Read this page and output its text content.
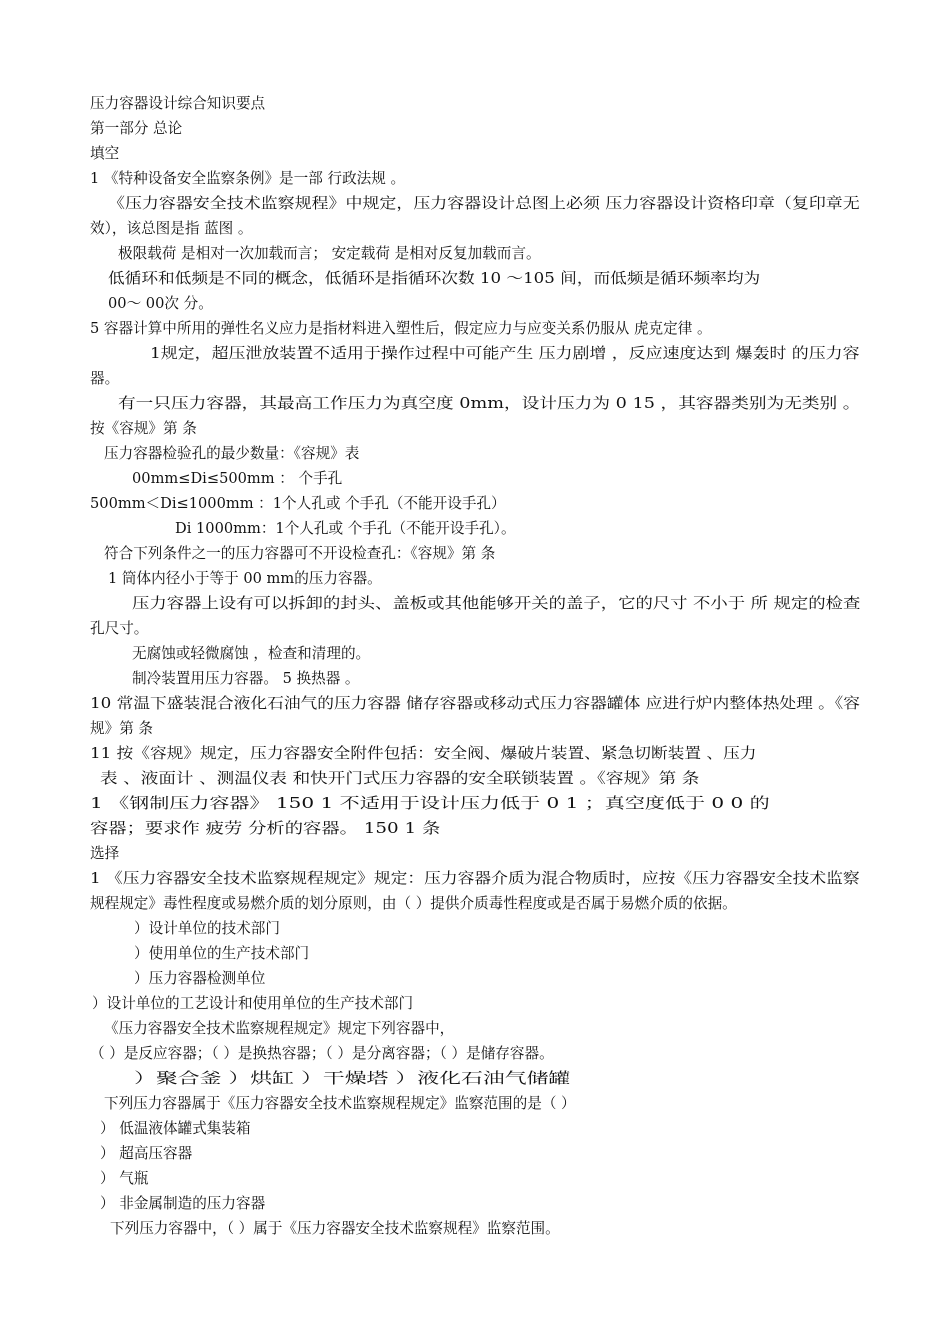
压力容器设计综合知识要点
第一部分 总论
填空
1 《特种设备安全监察条例》是一部 行政法规 。
《压力容器安全技术监察规程》中规定，压力容器设计总图上必须 压力容器设计资格印章（复印章无
效），该总图是指 蓝图 。
极限载荷 是相对一次加载而言； 安定载荷 是相对反复加载而言。
低循环和低频是不同的概念，低循环是指循环次数 10 ～105 间，而低频是循环频率均为
00～ 00次 分。
5 容器计算中所用的弹性名义应力是指材料进入塑性后，假定应力与应变关系仍服从 虎克定律 。
1规定，超压泄放装置不适用于操作过程中可能产生 压力剧增 ，反应速度达到 爆轰时 的压力容
器。
有一只压力容器，其最高工作压力为真空度 0mm，设计压力为 0 15 ，其容器类别为无类别 。
按《容规》第 条
压力容器检验孔的最少数量：《容规》表
00mm≤Di≤500mm ： 个手孔
500mm＜Di≤1000mm ：1个人孔或 个手孔（不能开设手孔）
Di 1000mm：1个人孔或 个手孔（不能开设手孔）。
符合下列条件之一的压力容器可不开设检查孔：《容规》第 条
1 筒体内径小于等于 00 mm的压力容器。
压力容器上设有可以拆卸的封头、盖板或其他能够开关的盖子，它的尺寸 不小于 所 规定的检查
孔尺寸。
无腐蚀或轻微腐蚀 ，检查和清理的。
制冷装置用压力容器。 5 换热器 。
10 常温下盛装混合液化石油气的压力容器 储存容器或移动式压力容器罐体 应进行炉内整体热处理 。《容
规》第 条
11 按《容规》规定，压力容器安全附件包括：安全阀、爆破片装置、紧急切断装置 、压力
表 、液面计 、测温仪表 和快开门式压力容器的安全联锁装置 。《容规》第 条
1 《钢制压力容器》 150 1 不适用于设计压力低于 0 1 ；真空度低于 0 0 的
容器；要求作 疲劳 分析的容器。 150 1 条
选择
1 《压力容器安全技术监察规程规定》规定：压力容器介质为混合物质时，应按《压力容器安全技术监察
规程规定》毒性程度或易燃介质的划分原则，由（ ）提供介质毒性程度或是否属于易燃介质的依据。
）设计单位的技术部门
）使用单位的生产技术部门
）压力容器检测单位
）设计单位的工艺设计和使用单位的生产技术部门
《压力容器安全技术监察规程规定》规定下列容器中，
（ ）是反应容器；（ ）是换热容器；（ ）是分离容器；（ ）是储存容器。
）聚合釜 ）烘缸 ）干燥塔 ）液化石油气储罐
下列压力容器属于《压力容器安全技术监察规程规定》监察范围的是（ ）
） 低温液体罐式集装箱
） 超高压容器
） 气瓶
） 非金属制造的压力容器
下列压力容器中，（ ）属于《压力容器安全技术监察规程》监察范围。
